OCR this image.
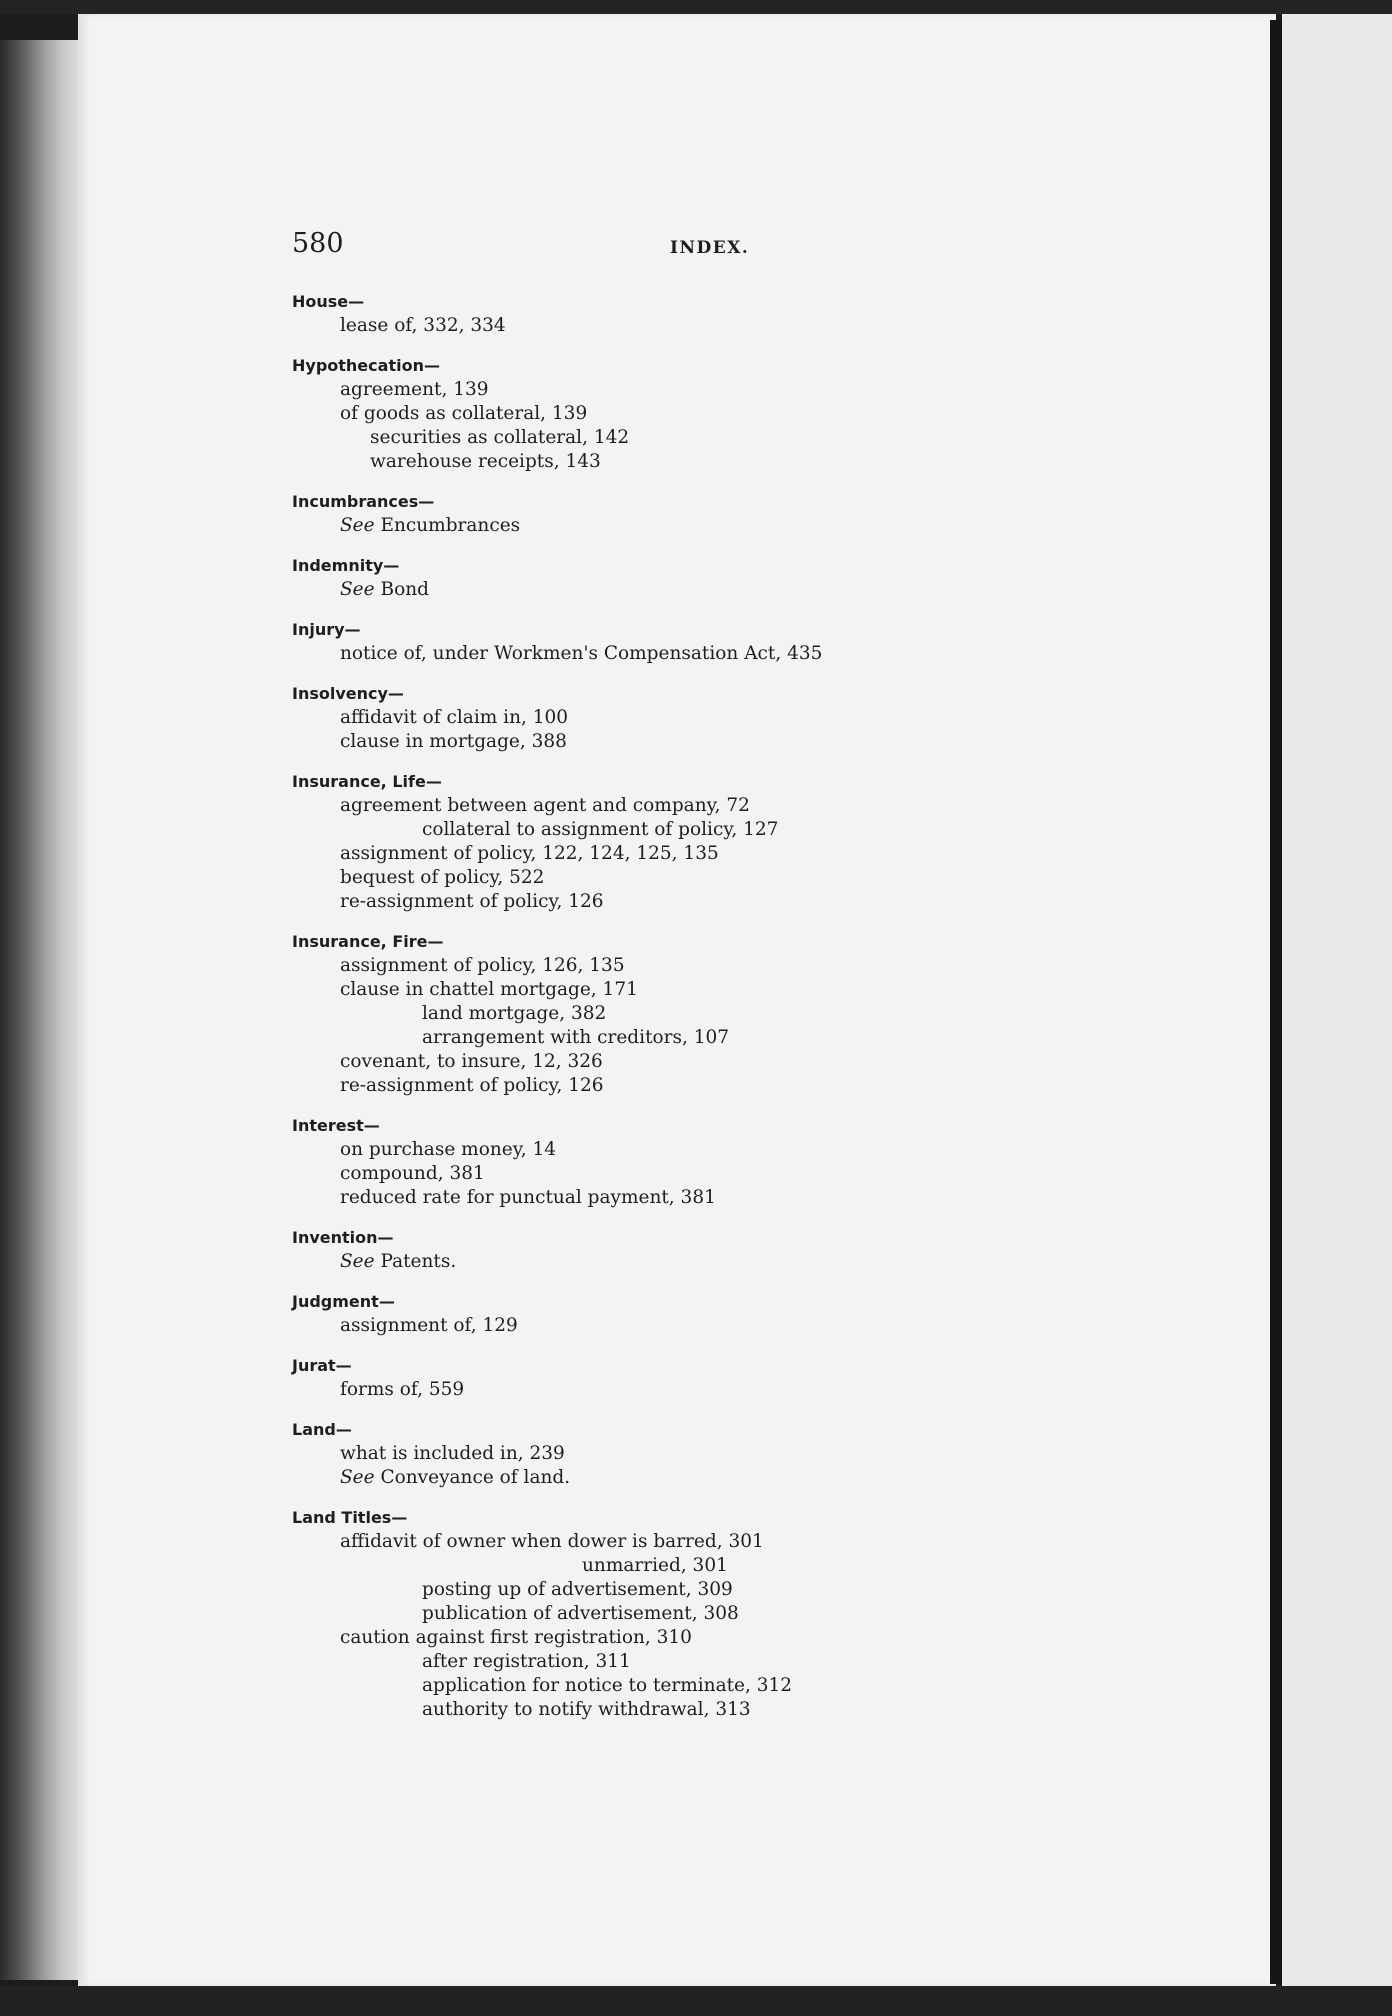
580	INDEX.
House—
lease of, 332, 334
Hypothecation—
agreement, 139
of goods as collateral, 139
securities as collateral, 142
warehouse receipts, 143
Incumbrances—
See Encumbrances
Indemnity—
See Bond
Injury—
notice of, under Workmen's Compensation Act, 435
Insolvency—
affidavit of claim in, 100
clause in mortgage, 388
Insurance, Life—
agreement between agent and company, 72
collateral to assignment of policy, 127
assignment of policy, 122, 124, 125, 135
bequest of policy, 522
re-assignment of policy, 126
Insurance, Fire—
assignment of policy, 126, 135
clause in chattel mortgage, 171
land mortgage, 382
arrangement with creditors, 107
covenant, to insure, 12, 326
re-assignment of policy, 126
Interest—
on purchase money, 14
compound, 381
reduced rate for punctual payment, 381
Invention—
See Patents.
Judgment—
assignment of, 129
Jurat—
forms of, 559
Land—
what is included in, 239
See Conveyance of land.
Land Titles—
affidavit of owner when dower is barred, 301
unmarried, 301
posting up of advertisement, 309
publication of advertisement, 308
caution against first registration, 310
after registration, 311
application for notice to terminate, 312
authority to notify withdrawal, 313
